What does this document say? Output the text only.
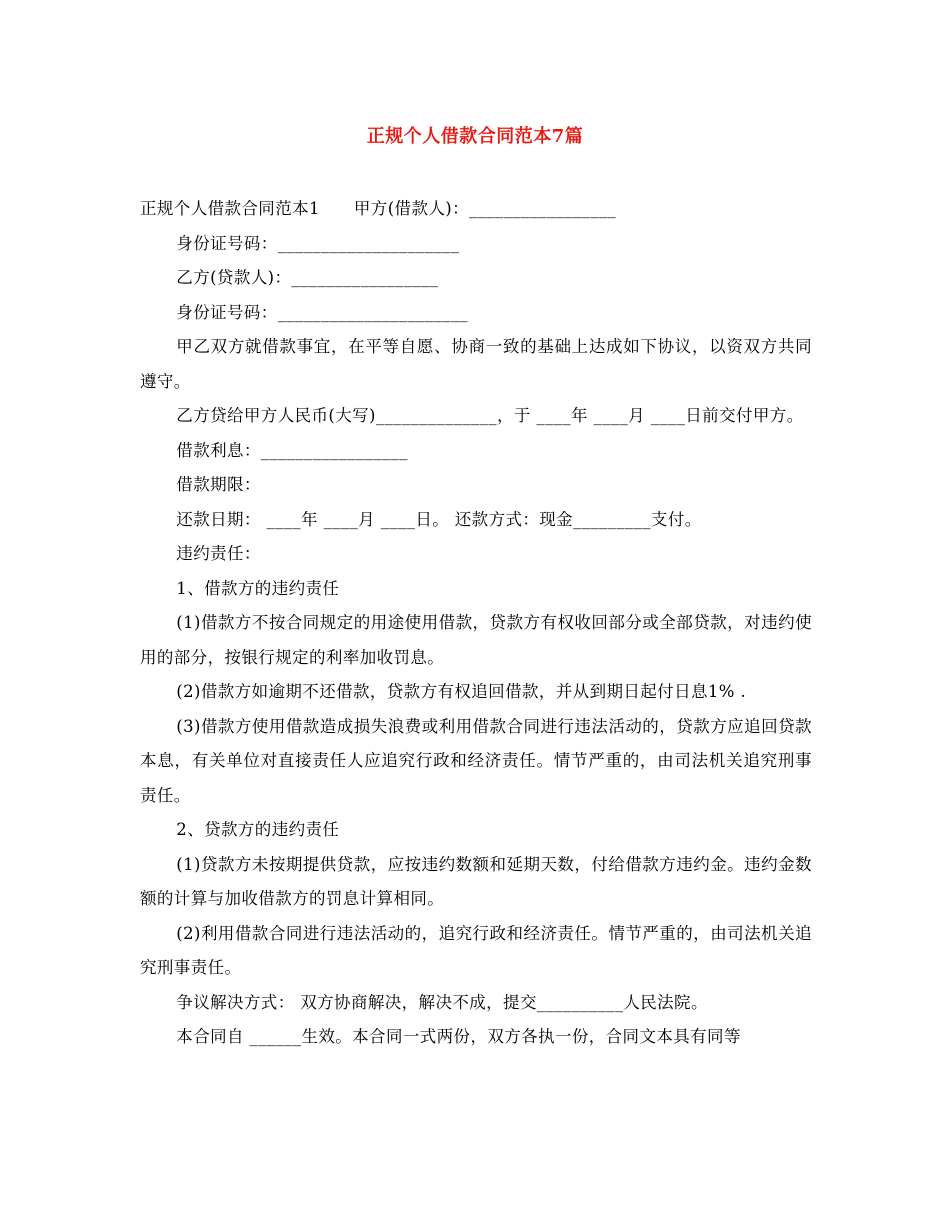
正规个人借款合同范本7篇

正规个人借款合同范本1 甲方(借款人)：_________________

身份证号码：_____________________

乙方(贷款人)：_________________

身份证号码：______________________

甲乙双方就借款事宜，在平等自愿、协商一致的基础上达成如下协议，以资双方共同遵守。

乙方贷给甲方人民币(大写)______________，于 ____年 ____月 ____日前交付甲方。

借款利息：_________________

借款期限：

还款日期： ____年 ____月 ____日。 还款方式：现金_________支付。

违约责任：

1、借款方的违约责任

(1)借款方不按合同规定的用途使用借款，贷款方有权收回部分或全部贷款，对违约使用的部分，按银行规定的利率加收罚息。

(2)借款方如逾期不还借款，贷款方有权追回借款，并从到期日起付日息1% .

(3)借款方使用借款造成损失浪费或利用借款合同进行违法活动的，贷款方应追回贷款本息，有关单位对直接责任人应追究行政和经济责任。情节严重的，由司法机关追究刑事责任。

2、贷款方的违约责任

(1)贷款方未按期提供贷款，应按违约数额和延期天数，付给借款方违约金。违约金数额的计算与加收借款方的罚息计算相同。

(2)利用借款合同进行违法活动的，追究行政和经济责任。情节严重的，由司法机关追究刑事责任。

争议解决方式： 双方协商解决，解决不成，提交__________人民法院。

本合同自 ______生效。本合同一式两份，双方各执一份，合同文本具有同等
